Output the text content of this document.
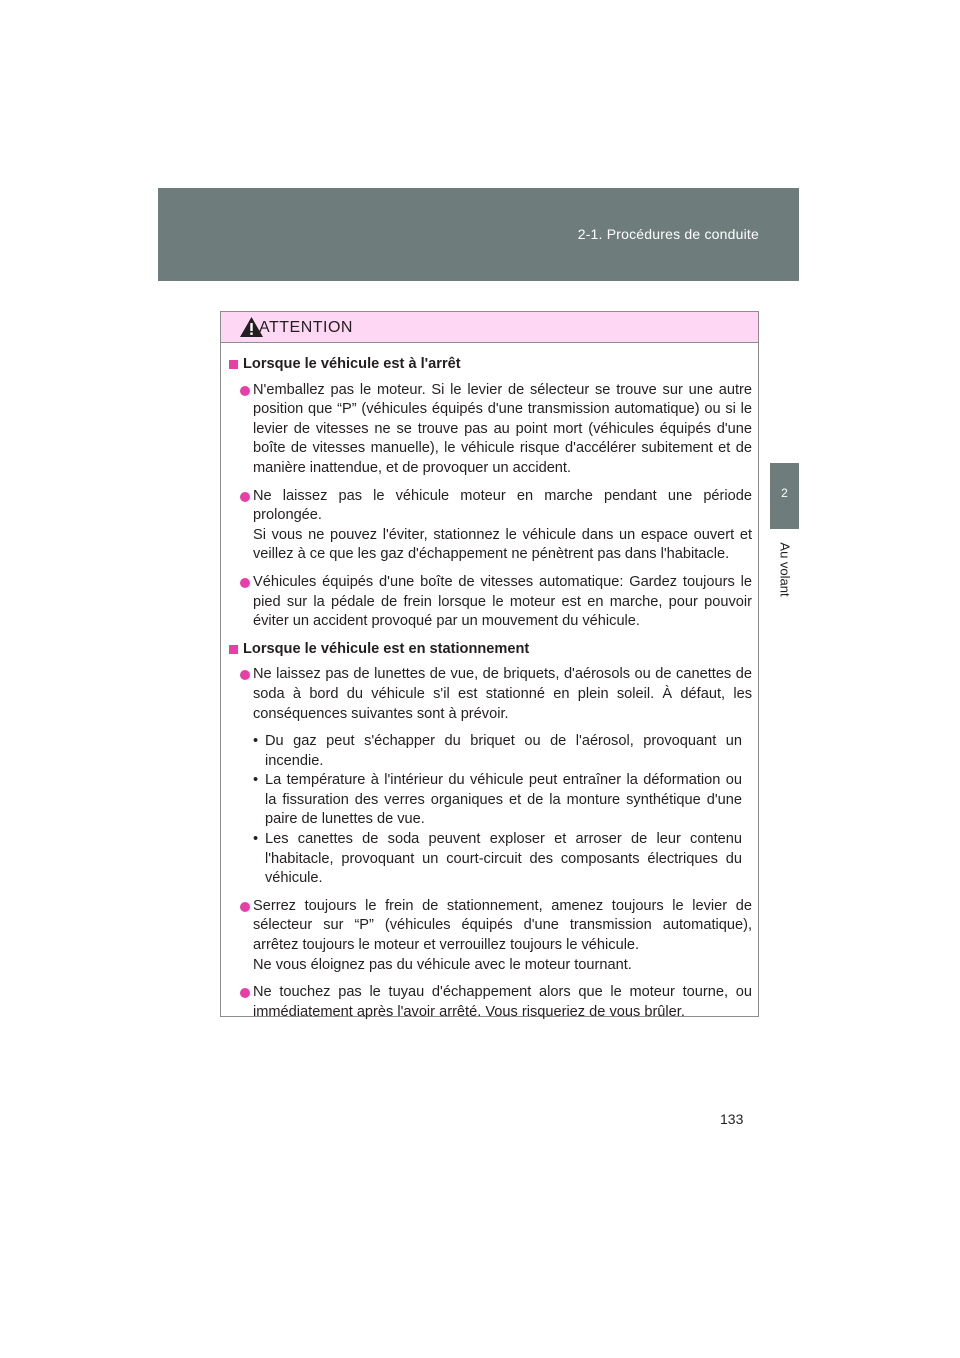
2-1. Procédures de conduite
2
Au volant
ATTENTION
Lorsque le véhicule est à l'arrêt

N'emballez pas le moteur. Si le levier de sélecteur se trouve sur une autre position que “P” (véhicules équipés d'une transmission automatique) ou si le levier de vitesses ne se trouve pas au point mort (véhicules équipés d'une boîte de vitesses manuelle), le véhicule risque d'accélérer subitement et de manière inattendue, et de provoquer un accident.

Ne laissez pas le véhicule moteur en marche pendant une période prolongée.

Si vous ne pouvez l'éviter, stationnez le véhicule dans un espace ouvert et veillez à ce que les gaz d'échappement ne pénètrent pas dans l'habitacle.

Véhicules équipés d'une boîte de vitesses automatique: Gardez toujours le pied sur la pédale de frein lorsque le moteur est en marche, pour pouvoir éviter un accident provoqué par un mouvement du véhicule.

Lorsque le véhicule est en stationnement

Ne laissez pas de lunettes de vue, de briquets, d'aérosols ou de canettes de soda à bord du véhicule s'il est stationné en plein soleil. À défaut, les conséquences suivantes sont à prévoir.

• Du gaz peut s'échapper du briquet ou de l'aérosol, provoquant un incendie.
• La température à l'intérieur du véhicule peut entraîner la déformation ou la fissuration des verres organiques et de la monture synthétique d'une paire de lunettes de vue.
• Les canettes de soda peuvent exploser et arroser de leur contenu l'habitacle, provoquant un court-circuit des composants électriques du véhicule.

Serrez toujours le frein de stationnement, amenez toujours le levier de sélecteur sur “P” (véhicules équipés d'une transmission automatique), arrêtez toujours le moteur et verrouillez toujours le véhicule.

Ne vous éloignez pas du véhicule avec le moteur tournant.

Ne touchez pas le tuyau d'échappement alors que le moteur tourne, ou immédiatement après l'avoir arrêté. Vous risqueriez de vous brûler.

133
